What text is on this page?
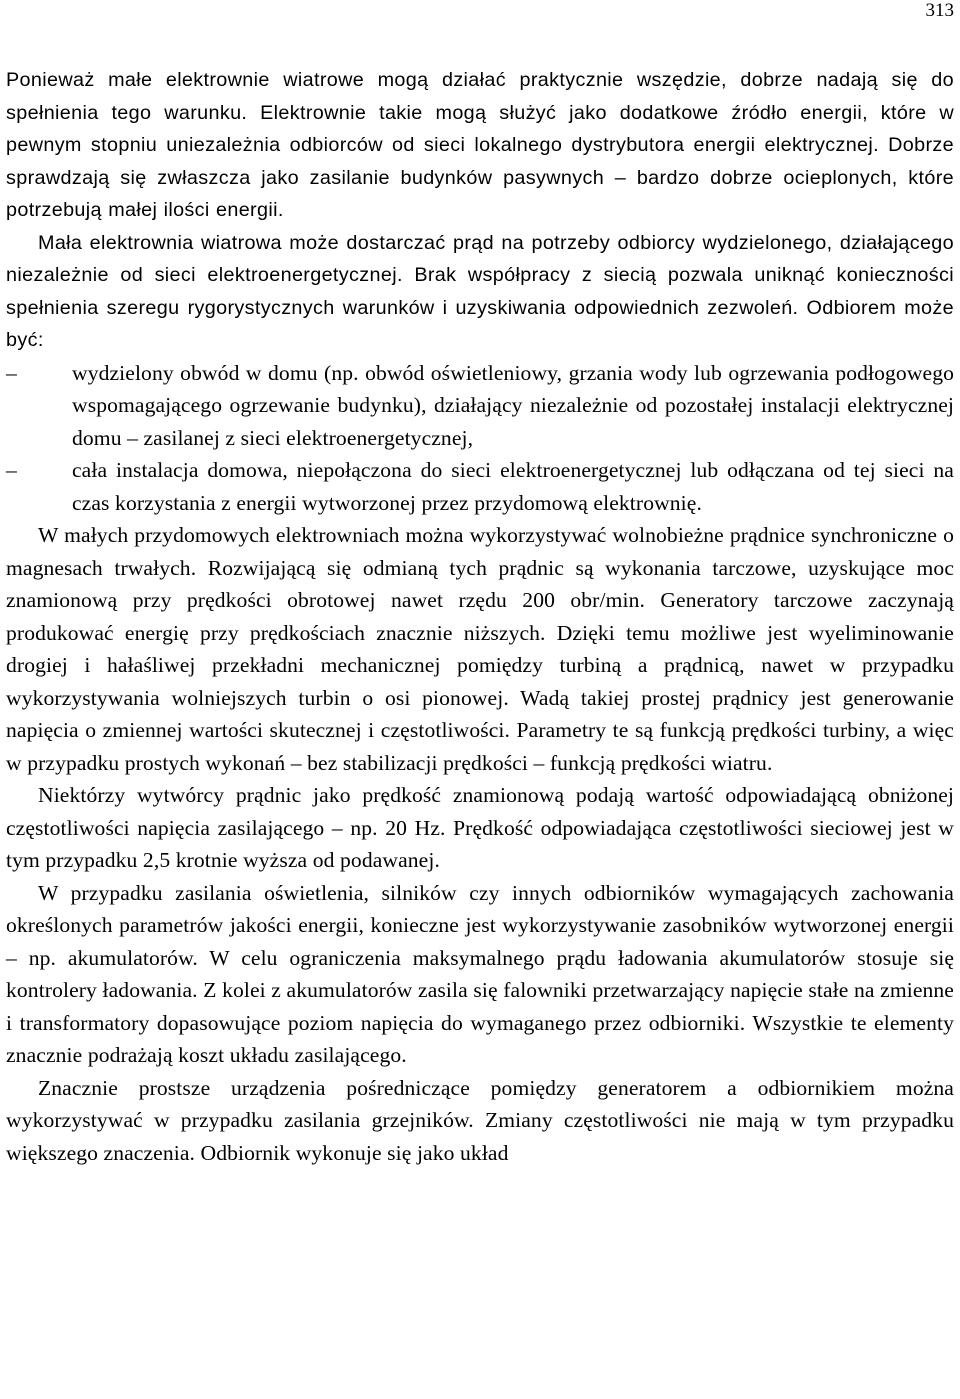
313

Ponieważ małe elektrownie wiatrowe mogą działać praktycznie wszędzie, dobrze nadają się do spełnienia tego warunku. Elektrownie takie mogą służyć jako dodatkowe źródło energii, które w pewnym stopniu uniezależnia odbiorców od sieci lokalnego dystrybutora energii elektrycznej. Dobrze sprawdzają się zwłaszcza jako zasilanie budynków pasywnych – bardzo dobrze ocieplonych, które potrzebują małej ilości energii.

Mała elektrownia wiatrowa może dostarczać prąd na potrzeby odbiorcy wydzielonego, działającego niezależnie od sieci elektroenergetycznej. Brak współpracy z siecią pozwala uniknąć konieczności spełnienia szeregu rygorystycznych warunków i uzyskiwania odpowiednich zezwoleń. Odbiorem może być:

–	wydzielony obwód w domu (np. obwód oświetleniowy, grzania wody lub ogrzewania podłogowego wspomagającego ogrzewanie budynku), działający niezależnie od pozostałej instalacji elektrycznej domu – zasilanej z sieci elektroenergetycznej,
–	cała instalacja domowa, niepołączona do sieci elektroenergetycznej lub odłączana od tej sieci na czas korzystania z energii wytworzonej przez przydomową elektrownię.

W małych przydomowych elektrowniach można wykorzystywać wolnobieżne prądnice synchroniczne o magnesach trwałych. Rozwijającą się odmianą tych prądnic są wykonania tarczowe, uzyskujące moc znamionową przy prędkości obrotowej nawet rzędu 200 obr/min. Generatory tarczowe zaczynają produkować energię przy prędkościach znacznie niższych. Dzięki temu możliwe jest wyeliminowanie drogiej i hałaśliwej przekładni mechanicznej pomiędzy turbiną a prądnicą, nawet w przypadku wykorzystywania wolniejszych turbin o osi pionowej. Wadą takiej prostej prądnicy jest generowanie napięcia o zmiennej wartości skutecznej i częstotliwości. Parametry te są funkcją prędkości turbiny, a więc w przypadku prostych wykonań – bez stabilizacji prędkości – funkcją prędkości wiatru.

Niektórzy wytwórcy prądnic jako prędkość znamionową podają wartość odpowiadającą obniżonej częstotliwości napięcia zasilającego – np. 20 Hz. Prędkość odpowiadająca częstotliwości sieciowej jest w tym przypadku 2,5 krotnie wyższa od podawanej.

W przypadku zasilania oświetlenia, silników czy innych odbiorników wymagających zachowania określonych parametrów jakości energii, konieczne jest wykorzystywanie zasobników wytworzonej energii – np. akumulatorów. W celu ograniczenia maksymalnego prądu ładowania akumulatorów stosuje się kontrolery ładowania. Z kolei z akumulatorów zasila się falowniki przetwarzający napięcie stałe na zmienne i transformatory dopasowujące poziom napięcia do wymaganego przez odbiorniki. Wszystkie te elementy znacznie podrażają koszt układu zasilającego.

Znacznie prostsze urządzenia pośredniczące pomiędzy generatorem a odbiornikiem można wykorzystywać w przypadku zasilania grzejników. Zmiany częstotliwości nie mają w tym przypadku większego znaczenia. Odbiornik wykonuje się jako układ
